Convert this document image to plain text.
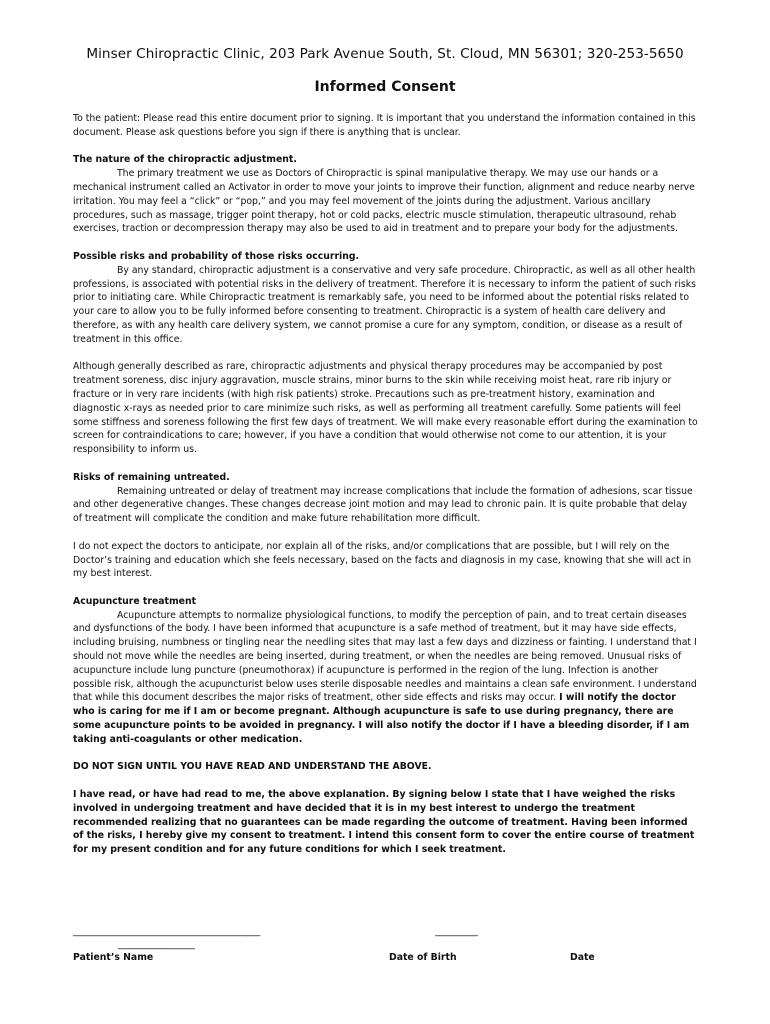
Minser Chiropractic Clinic, 203 Park Avenue South, St. Cloud, MN 56301; 320-253-5650
Informed Consent

To the patient: Please read this entire document prior to signing. It is important that you understand the information contained in this document. Please ask questions before you sign if there is anything that is unclear.

The nature of the chiropractic adjustment.

The primary treatment we use as Doctors of Chiropractic is spinal manipulative therapy. We may use our hands or a mechanical instrument called an Activator in order to move your joints to improve their function, alignment and reduce nearby nerve irritation. You may feel a “click” or “pop,” and you may feel movement of the joints during the adjustment. Various ancillary procedures, such as massage, trigger point therapy, hot or cold packs, electric muscle stimulation, therapeutic ultrasound, rehab exercises, traction or decompression therapy may also be used to aid in treatment and to prepare your body for the adjustments.

Possible risks and probability of those risks occurring.

By any standard, chiropractic adjustment is a conservative and very safe procedure. Chiropractic, as well as all other health professions, is associated with potential risks in the delivery of treatment. Therefore it is necessary to inform the patient of such risks prior to initiating care. While Chiropractic treatment is remarkably safe, you need to be informed about the potential risks related to your care to allow you to be fully informed before consenting to treatment. Chiropractic is a system of health care delivery and therefore, as with any health care delivery system, we cannot promise a cure for any symptom, condition, or disease as a result of treatment in this office.

Although generally described as rare, chiropractic adjustments and physical therapy procedures may be accompanied by post treatment soreness, disc injury aggravation, muscle strains, minor burns to the skin while receiving moist heat, rare rib injury or fracture or in very rare incidents (with high risk patients) stroke. Precautions such as pre-treatment history, examination and diagnostic x-rays as needed prior to care minimize such risks, as well as performing all treatment carefully. Some patients will feel some stiffness and soreness following the first few days of treatment. We will make every reasonable effort during the examination to screen for contraindications to care; however, if you have a condition that would otherwise not come to our attention, it is your responsibility to inform us.

Risks of remaining untreated.

Remaining untreated or delay of treatment may increase complications that include the formation of adhesions, scar tissue and other degenerative changes. These changes decrease joint motion and may lead to chronic pain. It is quite probable that delay of treatment will complicate the condition and make future rehabilitation more difficult.

I do not expect the doctors to anticipate, nor explain all of the risks, and/or complications that are possible, but I will rely on the Doctor’s training and education which she feels necessary, based on the facts and diagnosis in my case, knowing that she will act in my best interest.

Acupuncture treatment

Acupuncture attempts to normalize physiological functions, to modify the perception of pain, and to treat certain diseases and dysfunctions of the body. I have been informed that acupuncture is a safe method of treatment, but it may have side effects, including bruising, numbness or tingling near the needling sites that may last a few days and dizziness or fainting. I understand that I should not move while the needles are being inserted, during treatment, or when the needles are being removed. Unusual risks of acupuncture include lung puncture (pneumothorax) if acupuncture is performed in the region of the lung. Infection is another possible risk, although the acupuncturist below uses sterile disposable needles and maintains a clean safe environment. I understand that while this document describes the major risks of treatment, other side effects and risks may occur. I will notify the doctor who is caring for me if I am or become pregnant. Although acupuncture is safe to use during pregnancy, there are some acupuncture points to be avoided in pregnancy. I will also notify the doctor if I have a bleeding disorder, if I am taking anti-coagulants or other medication.

DO NOT SIGN UNTIL YOU HAVE READ AND UNDERSTAND THE ABOVE.

I have read, or have had read to me, the above explanation. By signing below I state that I have weighed the risks involved in undergoing treatment and have decided that it is in my best interest to undergo the treatment recommended realizing that no guarantees can be made regarding the outcome of treatment. Having been informed of the risks, I hereby give my consent to treatment. I intend this consent form to cover the entire course of treatment for my present condition and for any future conditions for which I seek treatment.

____________________________________________
__________________
__________
Patient’s Name	Date of Birth	Date
